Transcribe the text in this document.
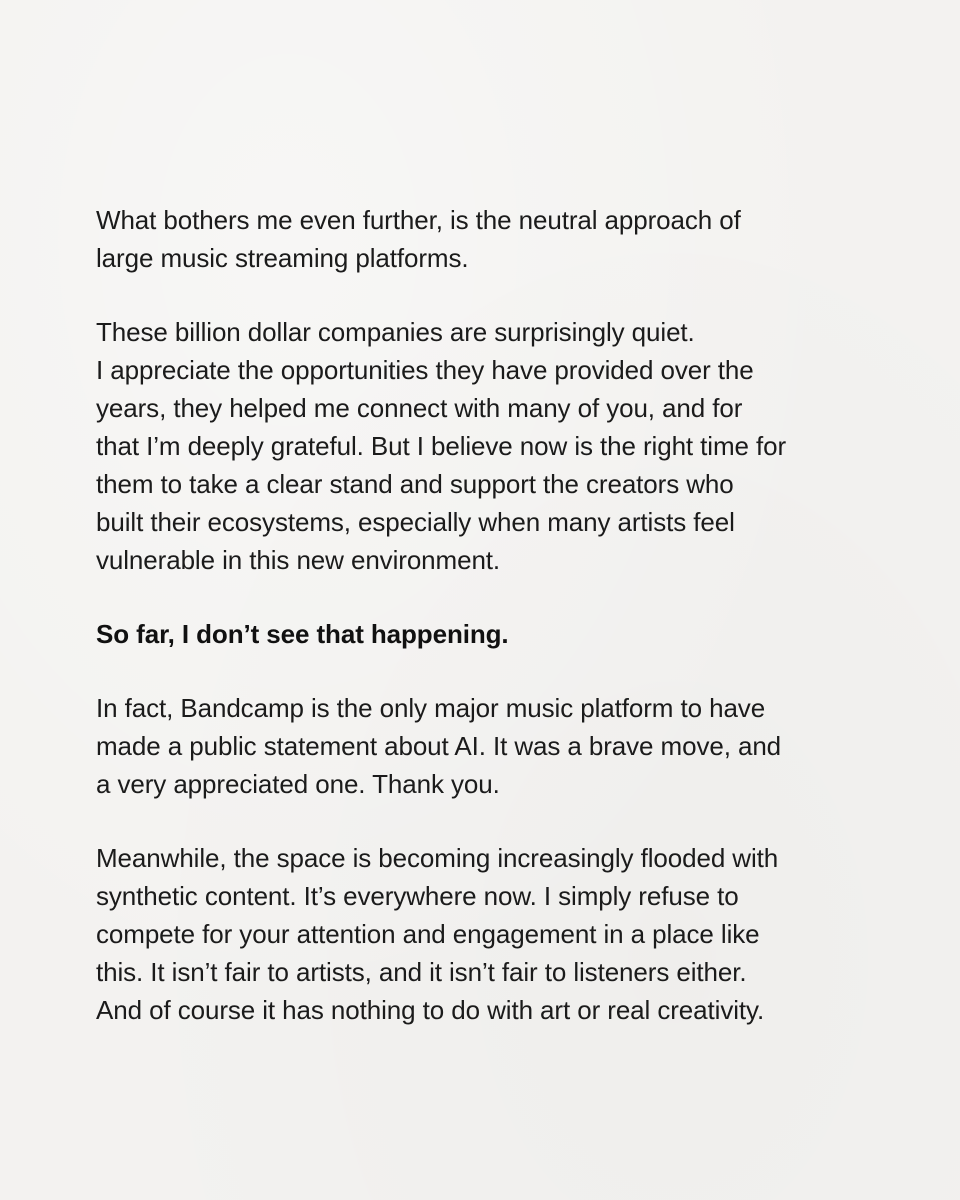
What bothers me even further, is the neutral approach of
large music streaming platforms.
These billion dollar companies are surprisingly quiet.
I appreciate the opportunities they have provided over the
years, they helped me connect with many of you, and for
that I’m deeply grateful. But I believe now is the right time for
them to take a clear stand and support the creators who
built their ecosystems, especially when many artists feel
vulnerable in this new environment.
So far, I don’t see that happening.
In fact, Bandcamp is the only major music platform to have
made a public statement about AI. It was a brave move, and
a very appreciated one. Thank you.
Meanwhile, the space is becoming increasingly flooded with
synthetic content. It’s everywhere now. I simply refuse to
compete for your attention and engagement in a place like
this. It isn’t fair to artists, and it isn’t fair to listeners either.
And of course it has nothing to do with art or real creativity.
